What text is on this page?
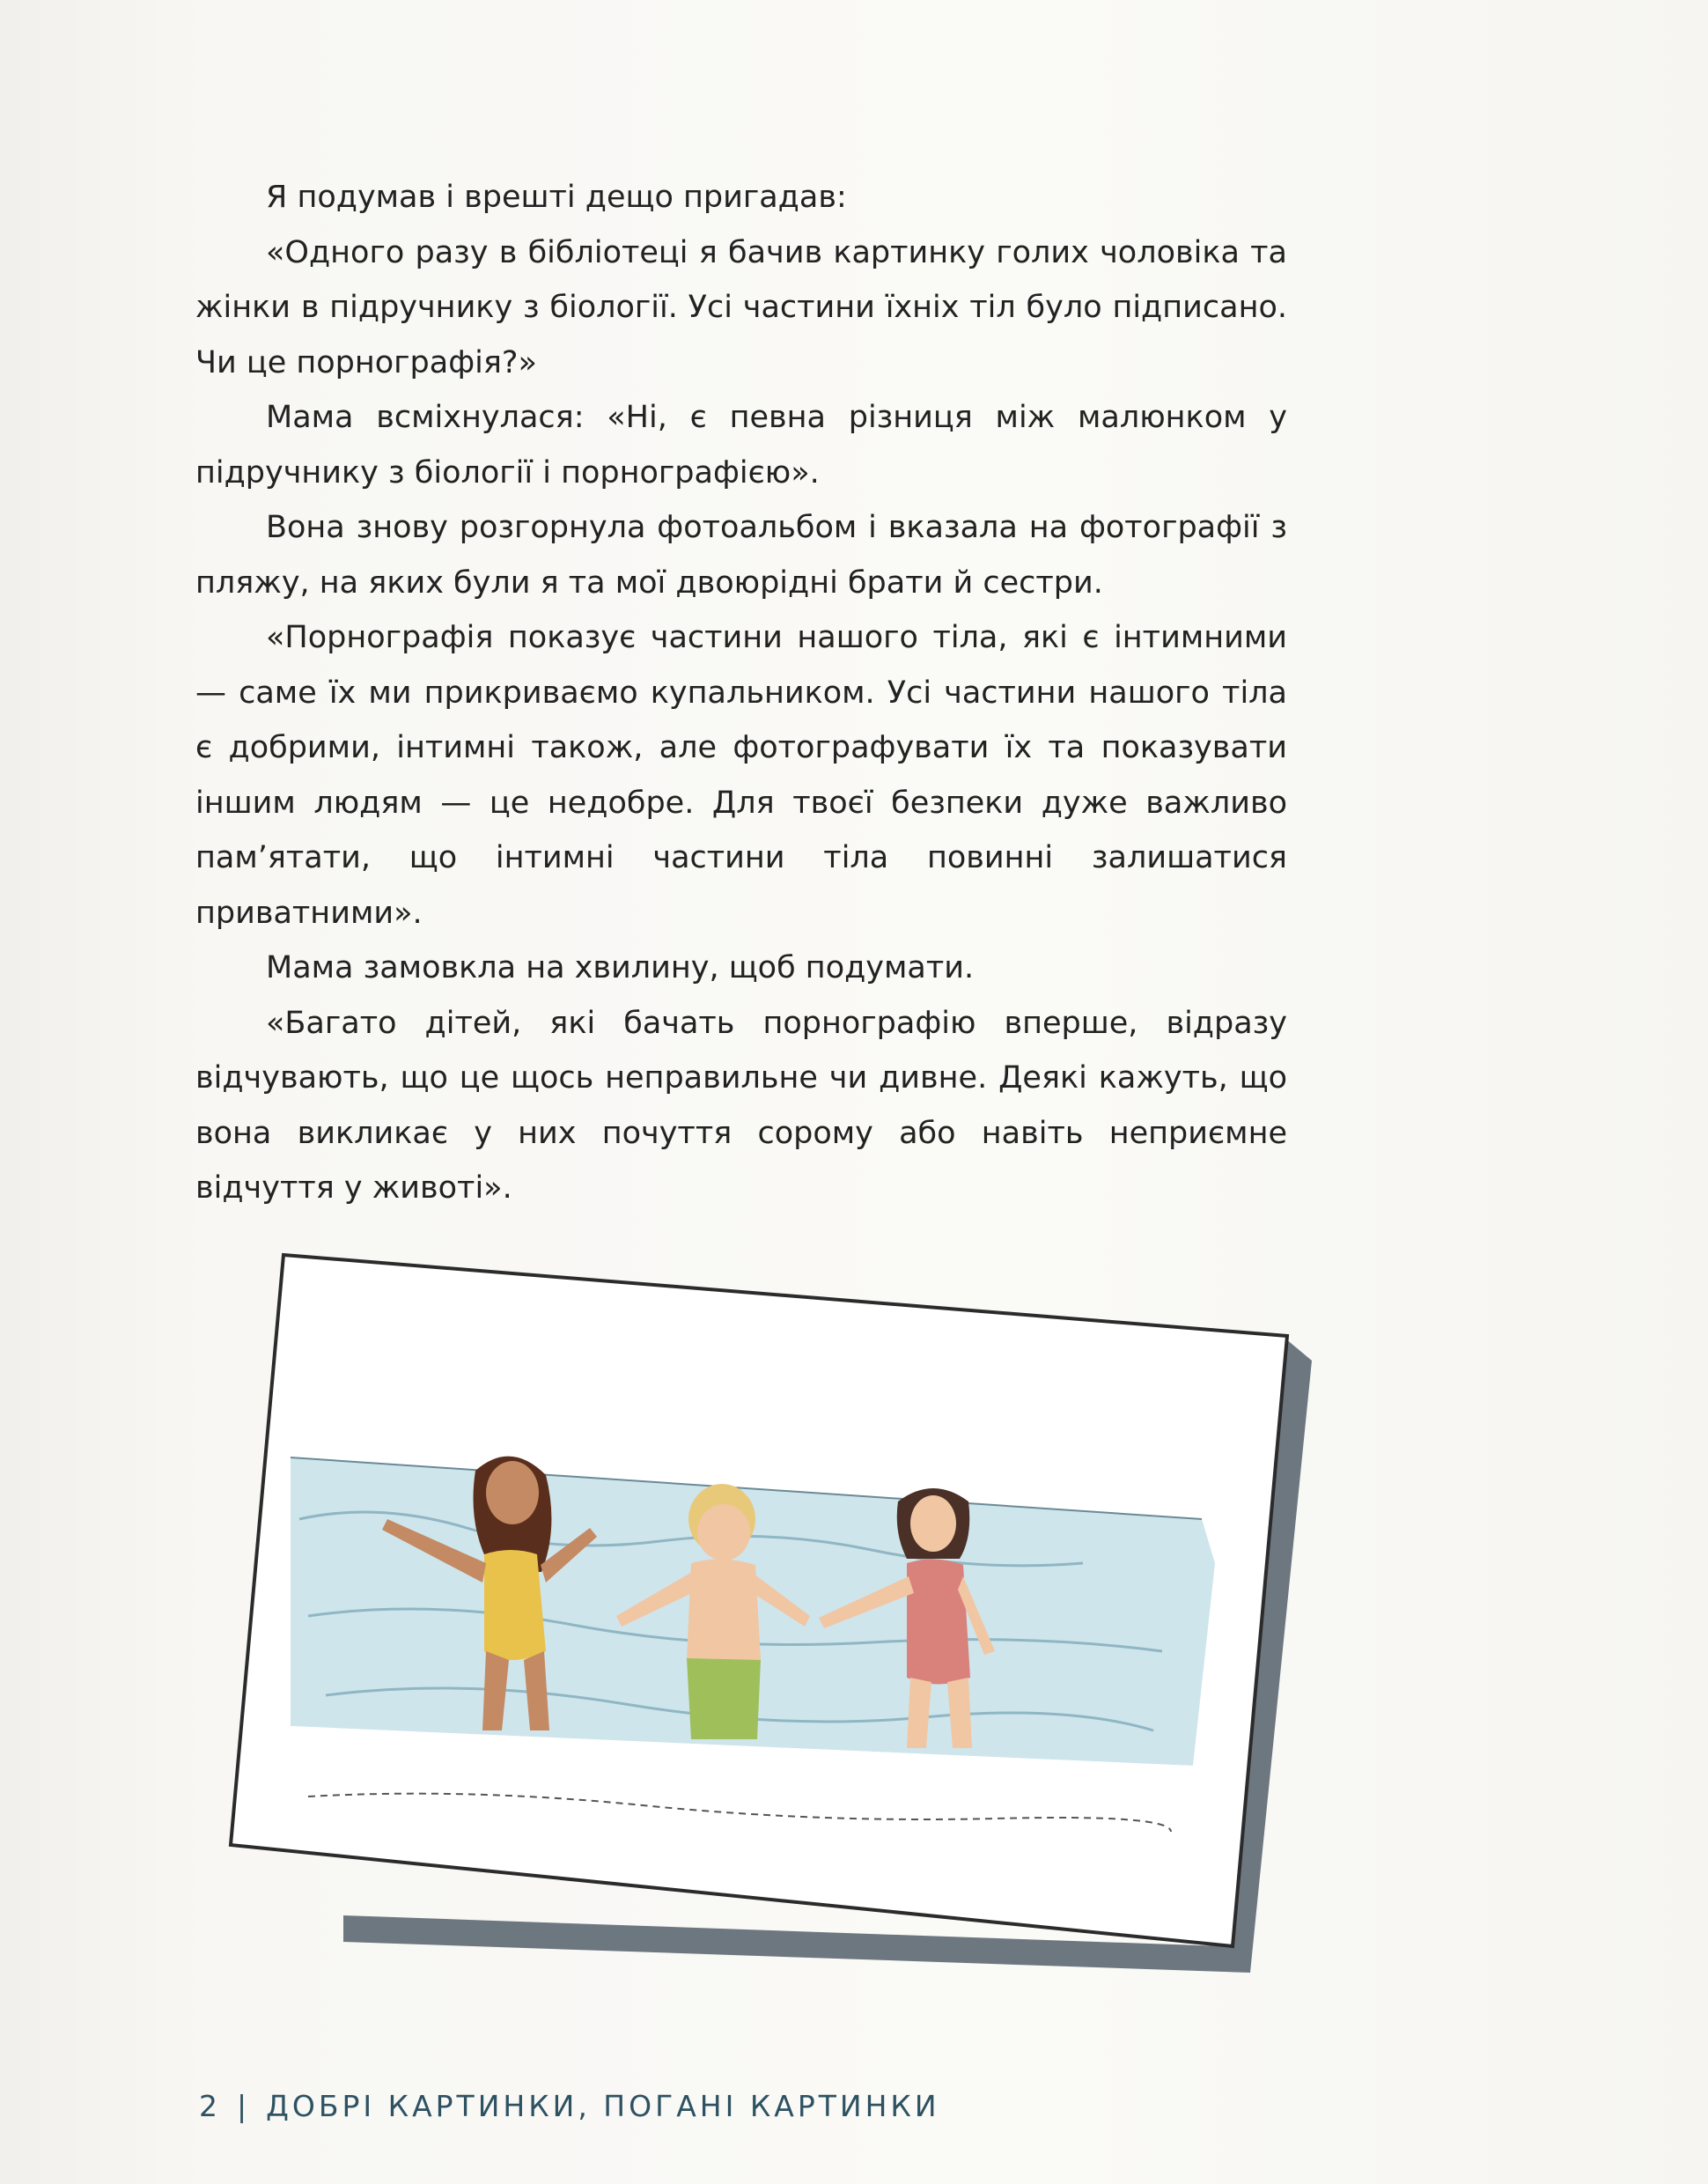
Я подумав і врешті дещо пригадав:

«Одного разу в бібліотеці я бачив картинку голих чоловіка та жінки в підручнику з біології. Усі частини їхніх тіл було підписано. Чи це порнографія?»

Мама всміхнулася: «Ні, є певна різниця між малюнком у підручнику з біології і порнографією».

Вона знову розгорнула фотоальбом і вказала на фотографії з пляжу, на яких були я та мої двоюрідні брати й сестри.

«Порнографія показує частини нашого тіла, які є інтимними — саме їх ми прикриваємо купальником. Усі частини нашого тіла є добрими, інтимні також, але фотографувати їх та показувати іншим людям — це недобре. Для твоєї безпеки дуже важливо пам’ятати, що інтимні частини тіла повинні залишатися приватними».

Мама замовкла на хвилину, щоб подумати.

«Багато дітей, які бачать порнографію вперше, відразу відчувають, що це щось неправильне чи дивне. Деякі кажуть, що вона викликає у них почуття сорому або навіть неприємне відчуття у животі».

2 | ДОБРІ КАРТИНКИ, ПОГАНІ КАРТИНКИ
